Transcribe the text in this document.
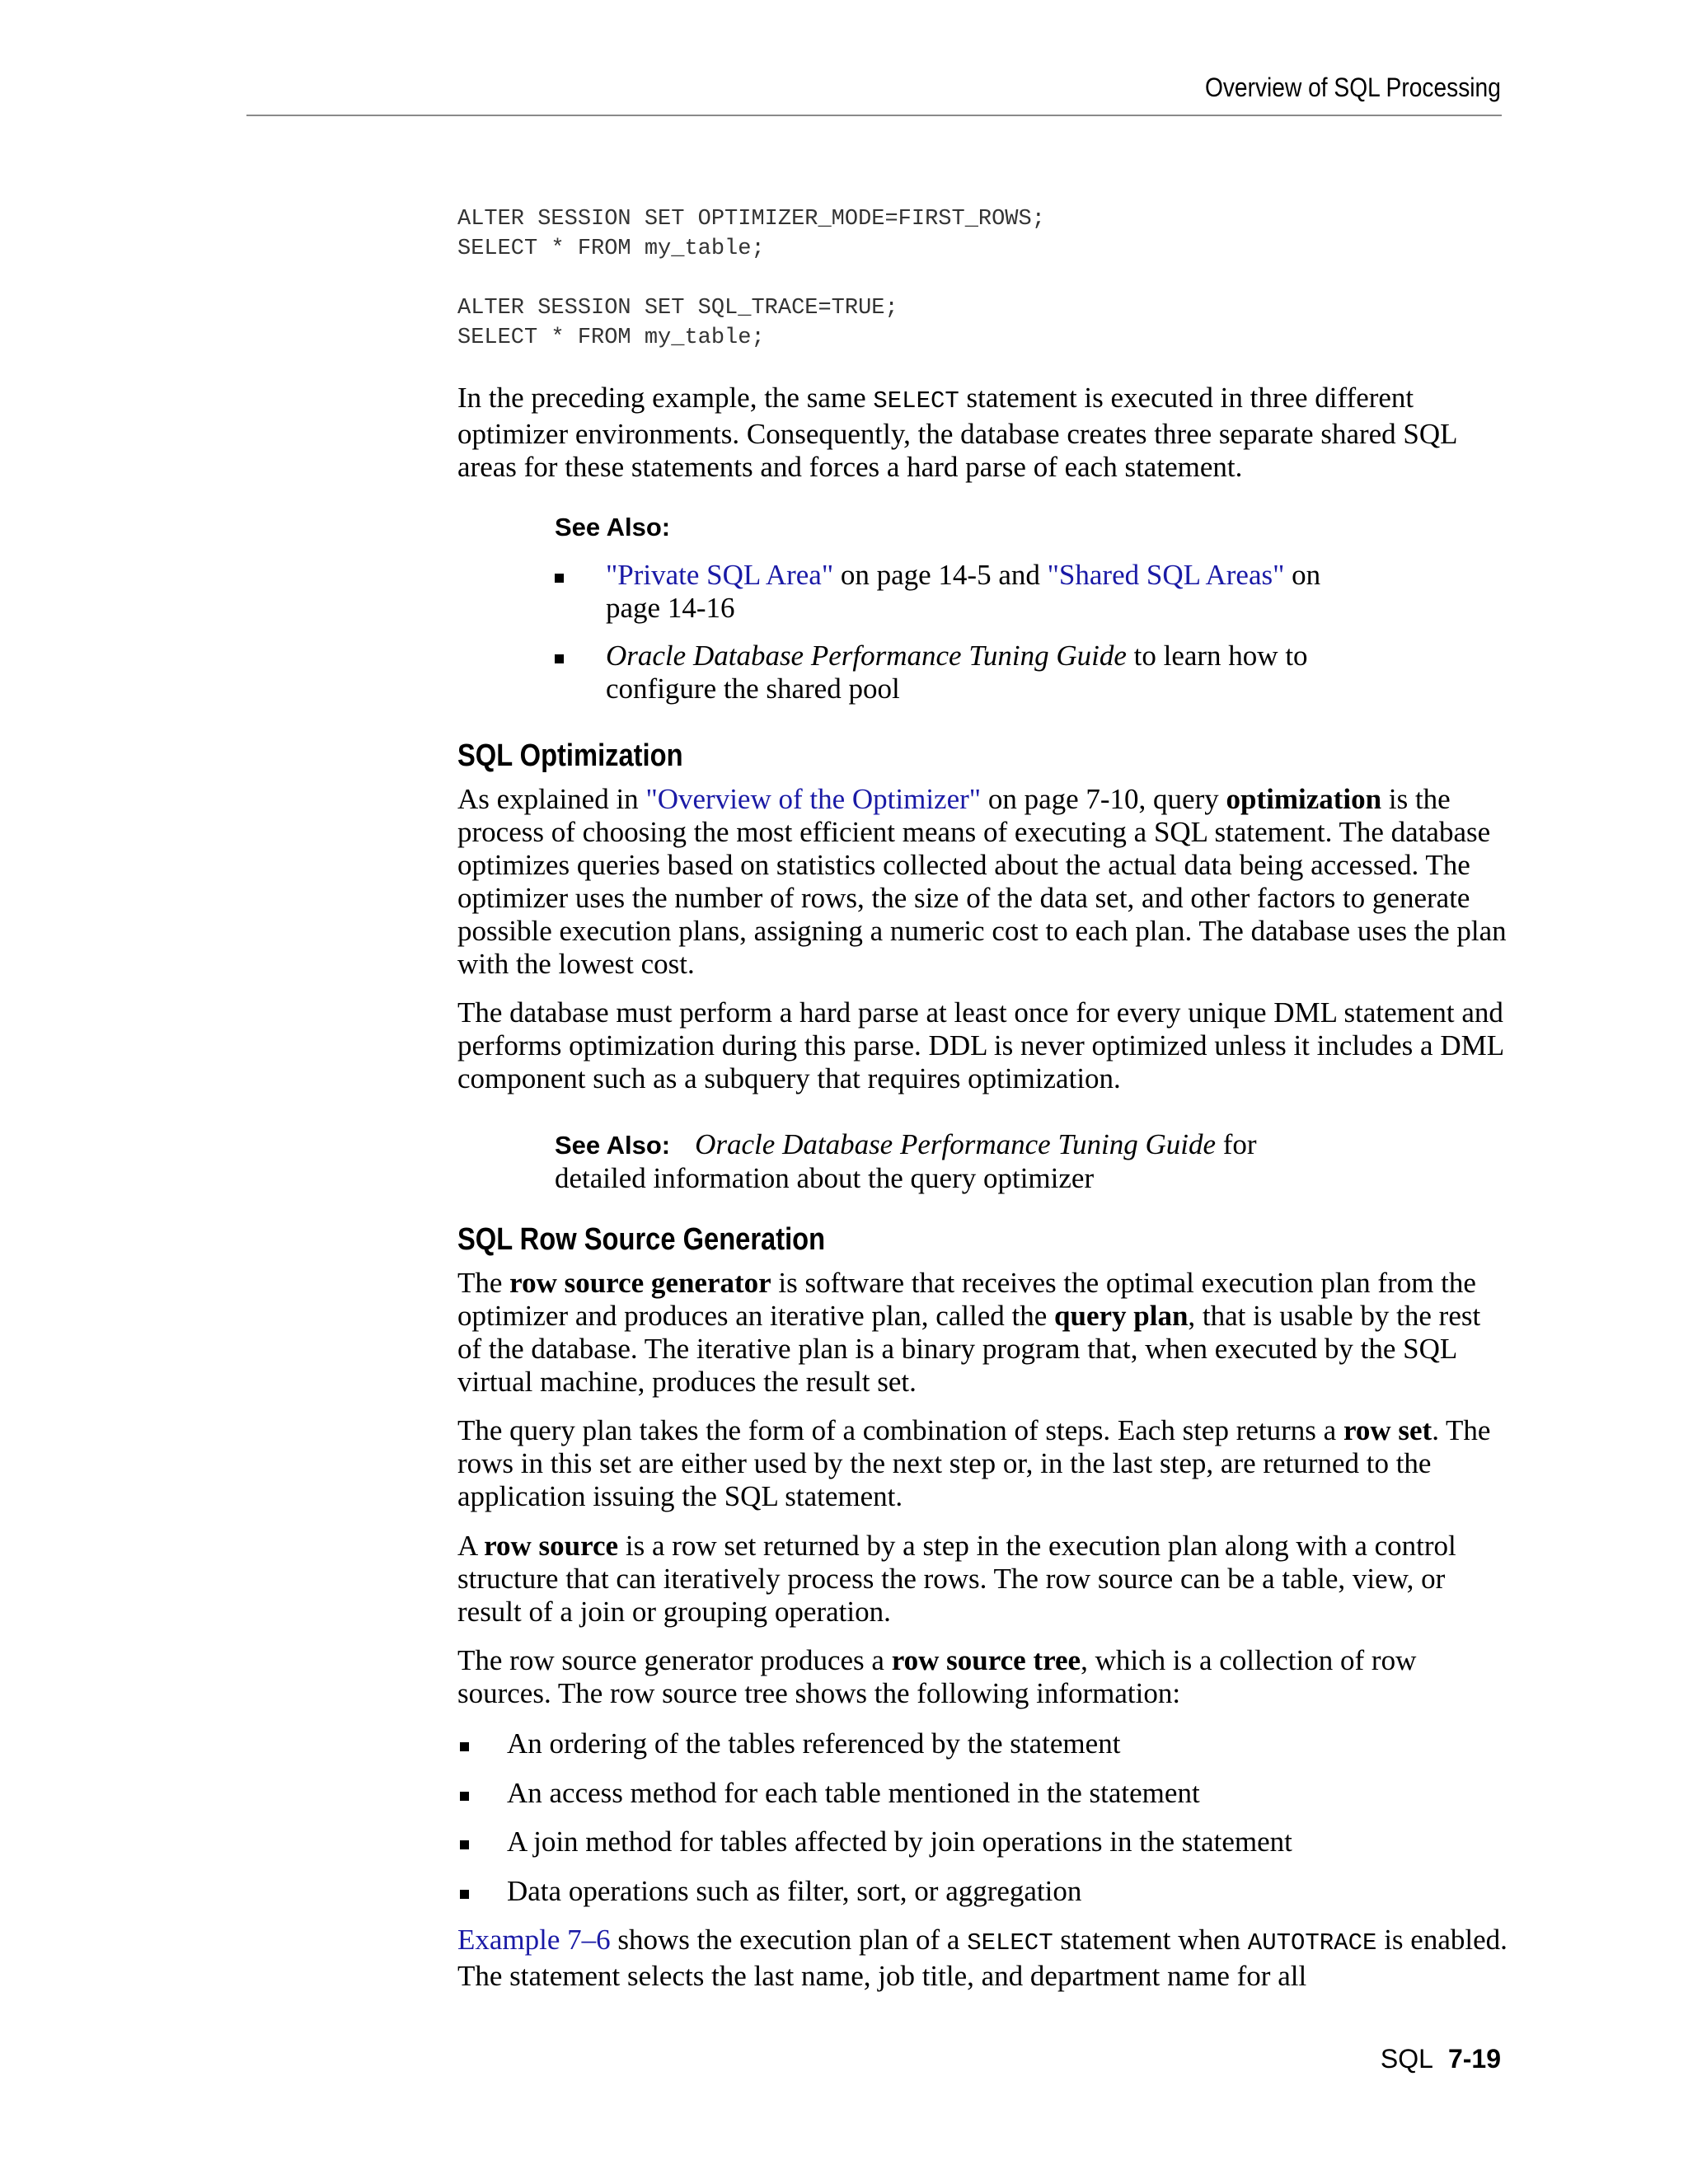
Overview of SQL Processing
ALTER SESSION SET OPTIMIZER_MODE=FIRST_ROWS;
SELECT * FROM my_table;
ALTER SESSION SET SQL_TRACE=TRUE;
SELECT * FROM my_table;

In the preceding example, the same SELECT statement is executed in three different optimizer environments. Consequently, the database creates three separate shared SQL areas for these statements and forces a hard parse of each statement.

See Also:
"Private SQL Area" on page 14-5 and "Shared SQL Areas" on page 14-16
Oracle Database Performance Tuning Guide to learn how to configure the shared pool
SQL Optimization

As explained in "Overview of the Optimizer" on page 7-10, query optimization is the process of choosing the most efficient means of executing a SQL statement. The database optimizes queries based on statistics collected about the actual data being accessed. The optimizer uses the number of rows, the size of the data set, and other factors to generate possible execution plans, assigning a numeric cost to each plan. The database uses the plan with the lowest cost.

The database must perform a hard parse at least once for every unique DML statement and performs optimization during this parse. DDL is never optimized unless it includes a DML component such as a subquery that requires optimization.

See Also: Oracle Database Performance Tuning Guide for detailed information about the query optimizer
SQL Row Source Generation

The row source generator is software that receives the optimal execution plan from the optimizer and produces an iterative plan, called the query plan, that is usable by the rest of the database. The iterative plan is a binary program that, when executed by the SQL virtual machine, produces the result set.

The query plan takes the form of a combination of steps. Each step returns a row set. The rows in this set are either used by the next step or, in the last step, are returned to the application issuing the SQL statement.

A row source is a row set returned by a step in the execution plan along with a control structure that can iteratively process the rows. The row source can be a table, view, or result of a join or grouping operation.

The row source generator produces a row source tree, which is a collection of row sources. The row source tree shows the following information:

An ordering of the tables referenced by the statement
An access method for each table mentioned in the statement
A join method for tables affected by join operations in the statement
Data operations such as filter, sort, or aggregation

Example 7–6 shows the execution plan of a SELECT statement when AUTOTRACE is enabled. The statement selects the last name, job title, and department name for all

SQL 7-19
